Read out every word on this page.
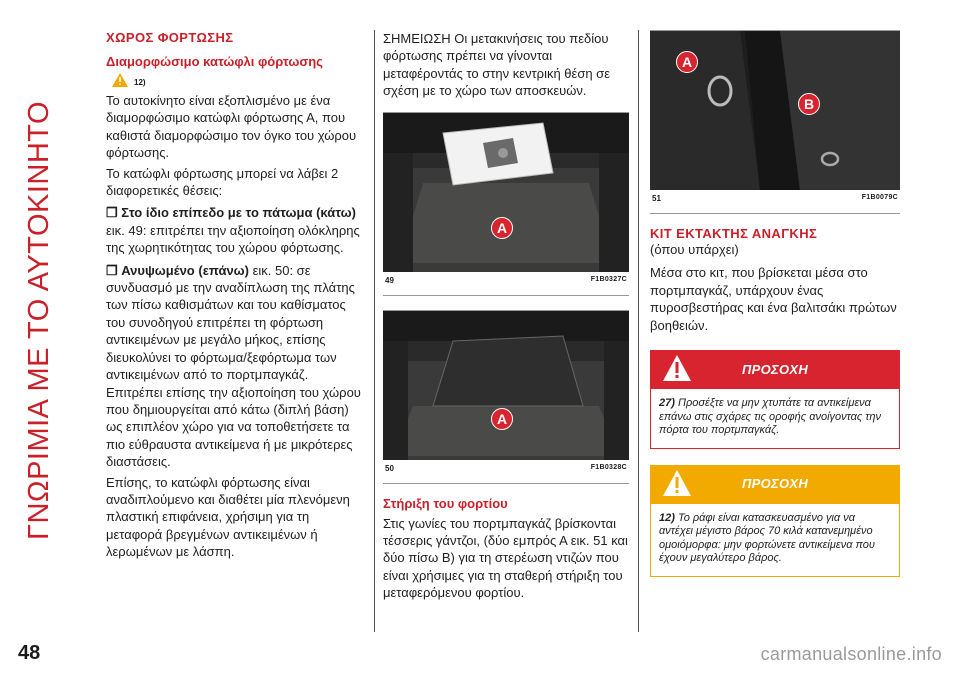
ΓΝΩΡΙΜΙΑ ΜΕ ΤΟ ΑΥΤΟΚΙΝΗΤΟ
48
ΧΩΡΟΣ ΦΟΡΤΩΣΗΣ
Διαμορφώσιμο κατώφλι φόρτωσης
12)

Το αυτοκίνητο είναι εξοπλισμένο με ένα διαμορφώσιμο κατώφλι φόρτωσης Α, που καθιστά διαμορφώσιμο τον όγκο του χώρου φόρτωσης.

Το κατώφλι φόρτωσης μπορεί να λάβει 2 διαφορετικές θέσεις:

❒ Στο ίδιο επίπεδο με το πάτωμα (κάτω) εικ. 49: επιτρέπει την αξιοποίηση ολόκληρης της χωρητικότητας του χώρου φόρτωσης.

❒ Ανυψωμένο (επάνω) εικ. 50: σε συνδυασμό με την αναδίπλωση της πλάτης των πίσω καθισμάτων και του καθίσματος του συνοδηγού επιτρέπει τη φόρτωση αντικειμένων με μεγάλο μήκος, επίσης διευκολύνει το φόρτωμα/ξεφόρτωμα των αντικειμένων από το πορτμπαγκάζ. Επιτρέπει επίσης την αξιοποίηση του χώρου που δημιουργείται από κάτω (διπλή βάση) ως επιπλέον χώρο για να τοποθετήσετε τα πιο εύθραυστα αντικείμενα ή με μικρότερες διαστάσεις.

Επίσης, το κατώφλι φόρτωσης είναι αναδιπλούμενο και διαθέτει μία πλενόμενη πλαστική επιφάνεια, χρήσιμη για τη μεταφορά βρεγμένων αντικειμένων ή λερωμένων με λάσπη.

ΣΗΜΕΙΩΣΗ Οι μετακινήσεις του πεδίου φόρτωσης πρέπει να γίνονται μεταφέροντάς το στην κεντρική θέση σε σχέση με το χώρο των αποσκευών.

A
49	F1B0327C
A
50	F1B0328C
Στήριξη του φορτίου

Στις γωνίες του πορτμπαγκάζ βρίσκονται τέσσερις γάντζοι, (δύο εμπρός Α εικ. 51 και δύο πίσω Β) για τη στερέωση ντιζών που είναι χρήσιμες για τη σταθερή στήριξη του μεταφερόμενου φορτίου.

A
B
51	F1B0079C
ΚΙΤ ΕΚΤΑΚΤΗΣ ΑΝΑΓΚΗΣ

(όπου υπάρχει)

Μέσα στο κιτ, που βρίσκεται μέσα στο πορτμπαγκάζ, υπάρχουν ένας πυροσβεστήρας και ένα βαλιτσάκι πρώτων βοηθειών.

ΠΡΟΣΟΧΗ
27) Προσέξτε να μην χτυπάτε τα αντικείμενα επάνω στις σχάρες τις οροφής ανοίγοντας την πόρτα του πορτμπαγκάζ.
ΠΡΟΣΟΧΗ
12) Το ράφι είναι κατασκευασμένο για να αντέχει μέγιστο βάρος 70 κιλά κατανεμημένο ομοιόμορφα: μην φορτώνετε αντικείμενα που έχουν μεγαλύτερο βάρος.
carmanualsonline.info
